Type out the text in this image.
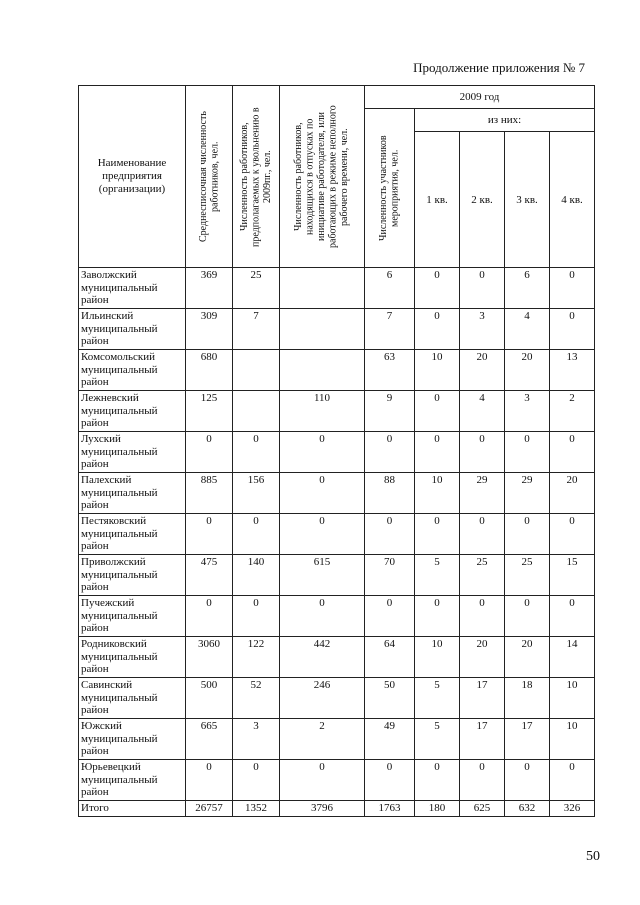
Продолжение приложения № 7
Наименование предприятия (организации)	Среднесписочная численность работников, чел.	Численность работников, предполагаемых к увольнению в 2009пг., чел.	Численность работников, находящихся в отпусках по инициативе работодателя, или работающих в режиме неполного рабочего времени, чел.	2009 год				

				Численность участников мероприятия, чел.	из них:			
					1 кв.	2 кв.	3 кв.	4 кв.
Заволжский муниципальный район	369	25		6	0	0	6	0
Ильинский муниципальный район	309	7		7	0	3	4	0
Комсомольский муниципальный район	680			63	10	20	20	13
Лежневский муниципальный район	125		110	9	0	4	3	2
Лухский муниципальный район	0	0	0	0	0	0	0	0
Палехский муниципальный район	885	156	0	88	10	29	29	20
Пестяковский муниципальный район	0	0	0	0	0	0	0	0
Приволжский муниципальный район	475	140	615	70	5	25	25	15
Пучежский муниципальный район	0	0	0	0	0	0	0	0
Родниковский муниципальный район	3060	122	442	64	10	20	20	14
Савинский муниципальный район	500	52	246	50	5	17	18	10
Южский муниципальный район	665	3	2	49	5	17	17	10
Юрьевецкий муниципальный район	0	0	0	0	0	0	0	0
Итого	26757	1352	3796	1763	180	625	632	326
50
